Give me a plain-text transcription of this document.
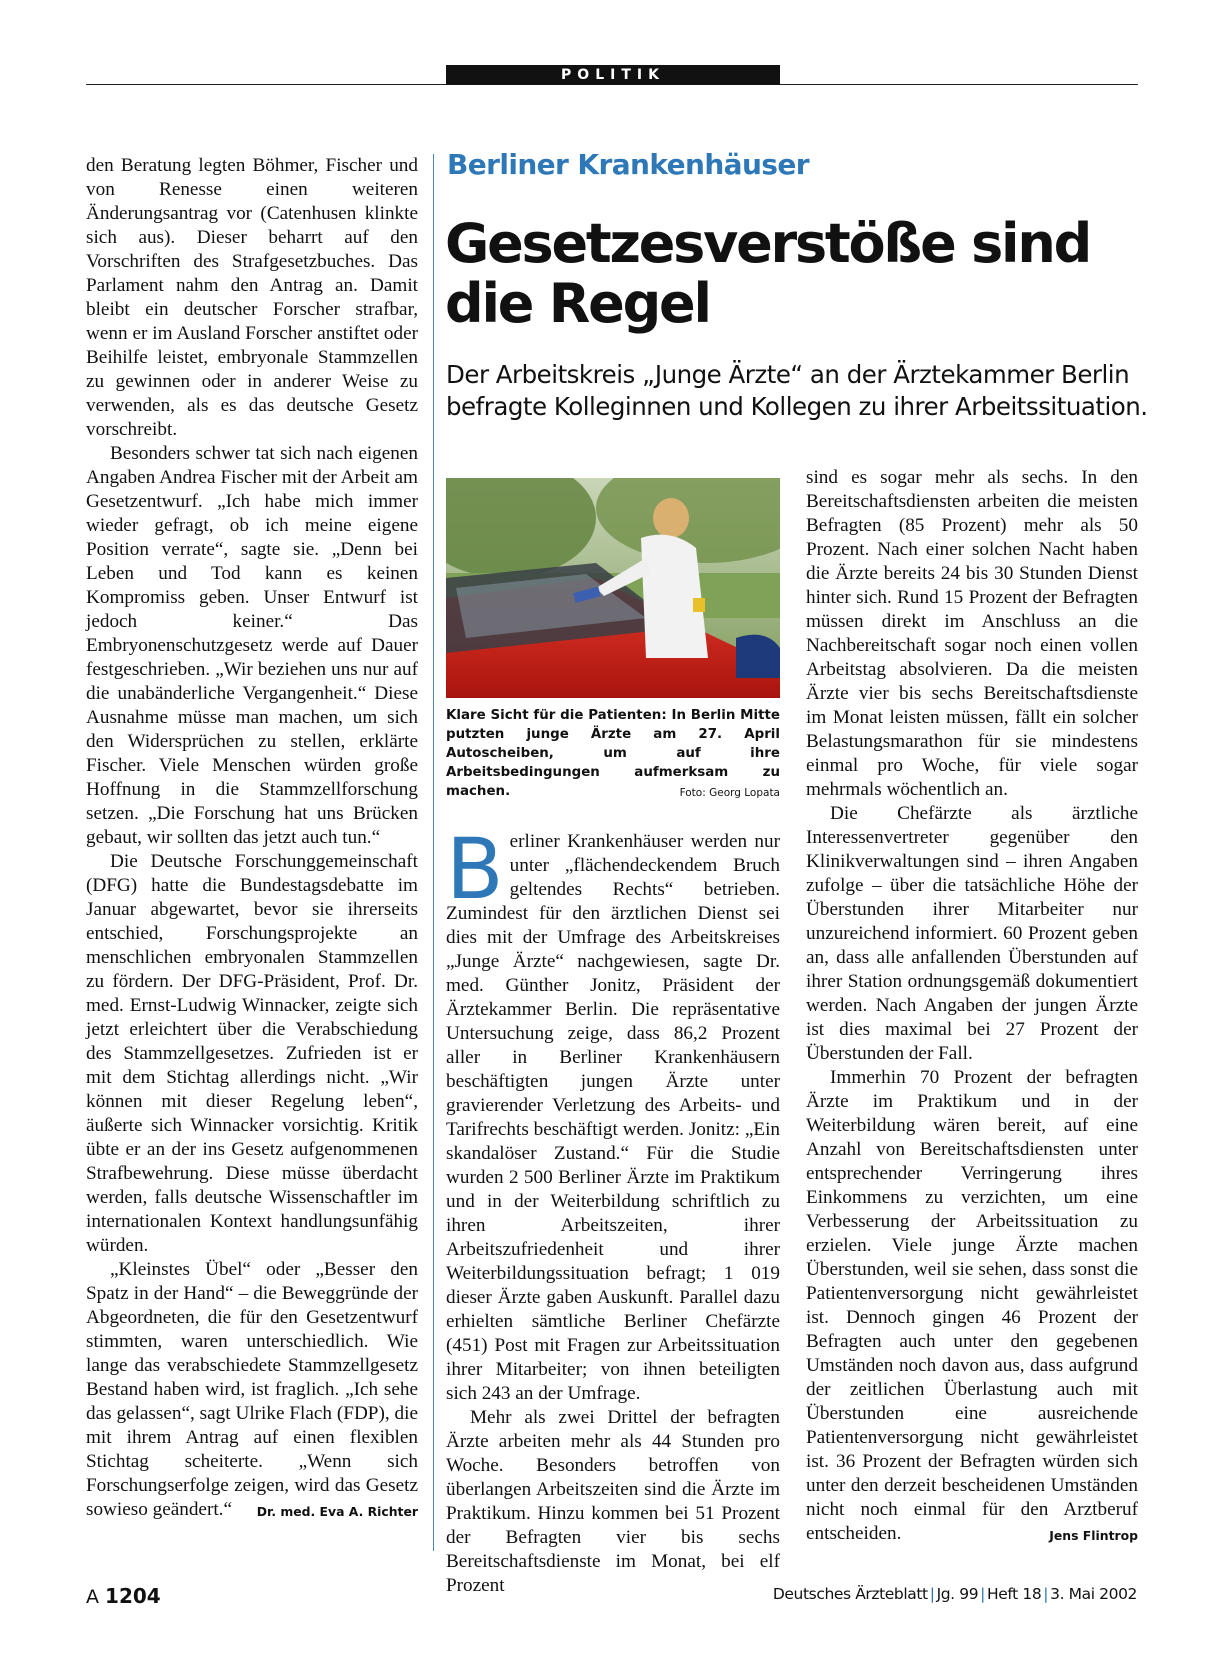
POLITIK

den Beratung legten Böhmer, Fischer und von Renesse einen weiteren Änderungsantrag vor (Catenhusen klinkte sich aus). Dieser beharrt auf den Vorschriften des Strafgesetzbuches. Das Parlament nahm den Antrag an. Damit bleibt ein deutscher Forscher strafbar, wenn er im Ausland Forscher anstiftet oder Beihilfe leistet, embryonale Stammzellen zu gewinnen oder in anderer Weise zu verwenden, als es das deutsche Gesetz vorschreibt.

Besonders schwer tat sich nach eigenen Angaben Andrea Fischer mit der Arbeit am Gesetzentwurf. „Ich habe mich immer wieder gefragt, ob ich meine eigene Position verrate“, sagte sie. „Denn bei Leben und Tod kann es keinen Kompromiss geben. Unser Entwurf ist jedoch keiner.“ Das Embryonenschutzgesetz werde auf Dauer festgeschrieben. „Wir beziehen uns nur auf die unabänderliche Vergangenheit.“ Diese Ausnahme müsse man machen, um sich den Widersprüchen zu stellen, erklärte Fischer. Viele Menschen würden große Hoffnung in die Stammzellforschung setzen. „Die Forschung hat uns Brücken gebaut, wir sollten das jetzt auch tun.“

Die Deutsche Forschunggemeinschaft (DFG) hatte die Bundestagsdebatte im Januar abgewartet, bevor sie ihrerseits entschied, Forschungsprojekte an menschlichen embryonalen Stammzellen zu fördern. Der DFG-Präsident, Prof. Dr. med. Ernst-Ludwig Winnacker, zeigte sich jetzt erleichtert über die Verabschiedung des Stammzellgesetzes. Zufrieden ist er mit dem Stichtag allerdings nicht. „Wir können mit dieser Regelung leben“, äußerte sich Winnacker vorsichtig. Kritik übte er an der ins Gesetz aufgenommenen Strafbewehrung. Diese müsse überdacht werden, falls deutsche Wissenschaftler im internationalen Kontext handlungsunfähig würden.

„Kleinstes Übel“ oder „Besser den Spatz in der Hand“ – die Beweggründe der Abgeordneten, die für den Gesetzentwurf stimmten, waren unterschiedlich. Wie lange das verabschiedete Stammzellgesetz Bestand haben wird, ist fraglich. „Ich sehe das gelassen“, sagt Ulrike Flach (FDP), die mit ihrem Antrag auf einen flexiblen Stichtag scheiterte. „Wenn sich Forschungserfolge zeigen, wird das Gesetz sowieso geändert.“	Dr. med. Eva A. Richter

Berliner Krankenhäuser
Gesetzesverstöße sind
die Regel
Der Arbeitskreis „Junge Ärzte“ an der Ärztekammer Berlin befragte Kolleginnen und Kollegen zu ihrer Arbeitssituation.
Klare Sicht für die Patienten: In Berlin Mitte putzten junge Ärzte am 27. April Autoscheiben, um auf ihre Arbeitsbedingungen aufmerksam zu machen.	Foto: Georg Lopata

Berliner Krankenhäuser werden nur unter „flächendeckendem Bruch geltendes Rechts“ betrieben. Zumindest für den ärztlichen Dienst sei dies mit der Umfrage des Arbeitskreises „Junge Ärzte“ nachgewiesen, sagte Dr. med. Günther Jonitz, Präsident der Ärztekammer Berlin. Die repräsentative Untersuchung zeige, dass 86,2 Prozent aller in Berliner Krankenhäusern beschäftigten jungen Ärzte unter gravierender Verletzung des Arbeits- und Tarifrechts beschäftigt werden. Jonitz: „Ein skandalöser Zustand.“ Für die Studie wurden 2 500 Berliner Ärzte im Praktikum und in der Weiterbildung schriftlich zu ihren Arbeitszeiten, ihrer Arbeitszufriedenheit und ihrer Weiterbildungssituation befragt; 1 019 dieser Ärzte gaben Auskunft. Parallel dazu erhielten sämtliche Berliner Chefärzte (451) Post mit Fragen zur Arbeitssituation ihrer Mitarbeiter; von ihnen beteiligten sich 243 an der Umfrage.

Mehr als zwei Drittel der befragten Ärzte arbeiten mehr als 44 Stunden pro Woche. Besonders betroffen von überlangen Arbeitszeiten sind die Ärzte im Praktikum. Hinzu kommen bei 51 Prozent der Befragten vier bis sechs Bereitschaftsdienste im Monat, bei elf Prozent

sind es sogar mehr als sechs. In den Bereitschaftsdiensten arbeiten die meisten Befragten (85 Prozent) mehr als 50 Prozent. Nach einer solchen Nacht haben die Ärzte bereits 24 bis 30 Stunden Dienst hinter sich. Rund 15 Prozent der Befragten müssen direkt im Anschluss an die Nachbereitschaft sogar noch einen vollen Arbeitstag absolvieren. Da die meisten Ärzte vier bis sechs Bereitschaftsdienste im Monat leisten müssen, fällt ein solcher Belastungsmarathon für sie mindestens einmal pro Woche, für viele sogar mehrmals wöchentlich an.

Die Chefärzte als ärztliche Interessenvertreter gegenüber den Klinikverwaltungen sind – ihren Angaben zufolge – über die tatsächliche Höhe der Überstunden ihrer Mitarbeiter nur unzureichend informiert. 60 Prozent geben an, dass alle anfallenden Überstunden auf ihrer Station ordnungsgemäß dokumentiert werden. Nach Angaben der jungen Ärzte ist dies maximal bei 27 Prozent der Überstunden der Fall.

Immerhin 70 Prozent der befragten Ärzte im Praktikum und in der Weiterbildung wären bereit, auf eine Anzahl von Bereitschaftsdiensten unter entsprechender Verringerung ihres Einkommens zu verzichten, um eine Verbesserung der Arbeitssituation zu erzielen. Viele junge Ärzte machen Überstunden, weil sie sehen, dass sonst die Patientenversorgung nicht gewährleistet ist. Dennoch gingen 46 Prozent der Befragten auch unter den gegebenen Umständen noch davon aus, dass aufgrund der zeitlichen Überlastung auch mit Überstunden eine ausreichende Patientenversorgung nicht gewährleistet ist. 36 Prozent der Befragten würden sich unter den derzeit bescheidenen Umständen nicht noch einmal für den Arztberuf entscheiden.	Jens Flintrop

A 1204	Deutsches Ärzteblatt | Jg. 99 | Heft 18 | 3. Mai 2002
